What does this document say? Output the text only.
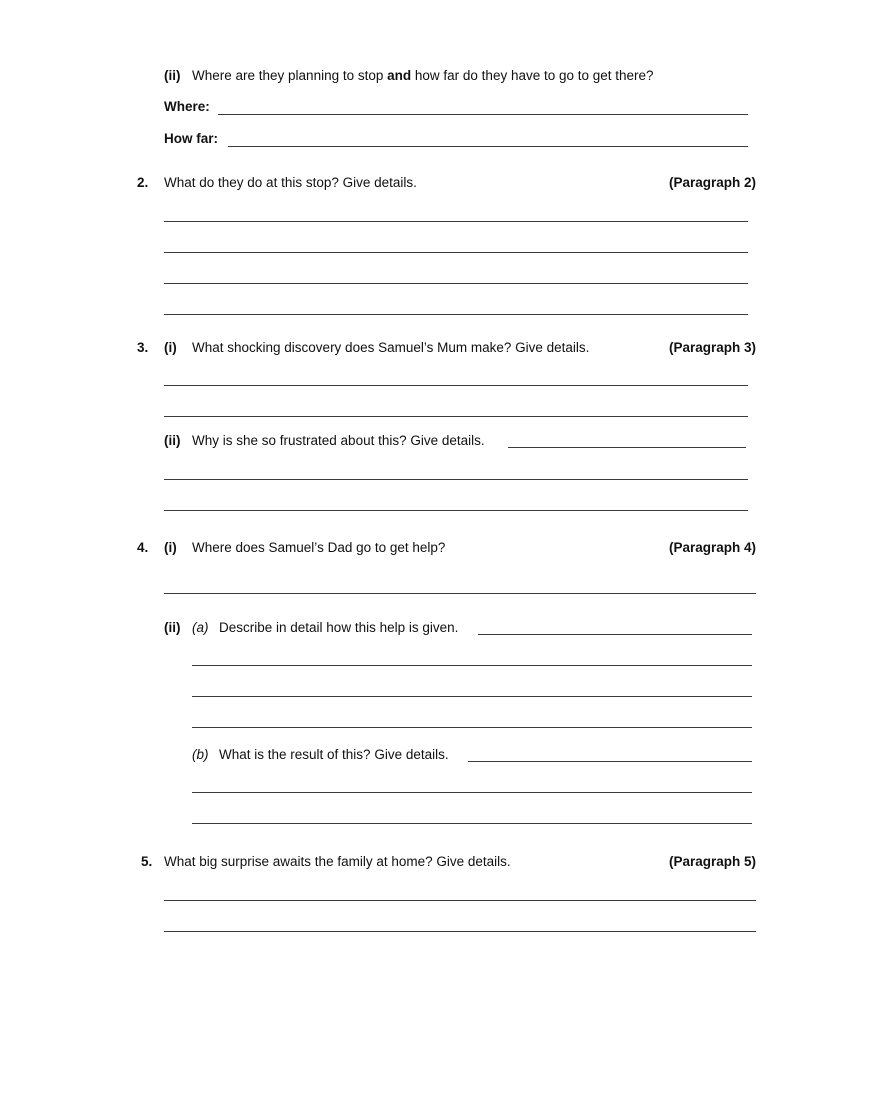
(ii) Where are they planning to stop and how far do they have to go to get there?
Where:
How far:
2. What do they do at this stop? Give details.	(Paragraph 2)
3. (i) What shocking discovery does Samuel’s Mum make? Give details.	(Paragraph 3)
(ii) Why is she so frustrated about this? Give details.
4. (i) Where does Samuel’s Dad go to get help?	(Paragraph 4)
(ii) (a) Describe in detail how this help is given.
(b) What is the result of this? Give details.
5. What big surprise awaits the family at home? Give details.	(Paragraph 5)
